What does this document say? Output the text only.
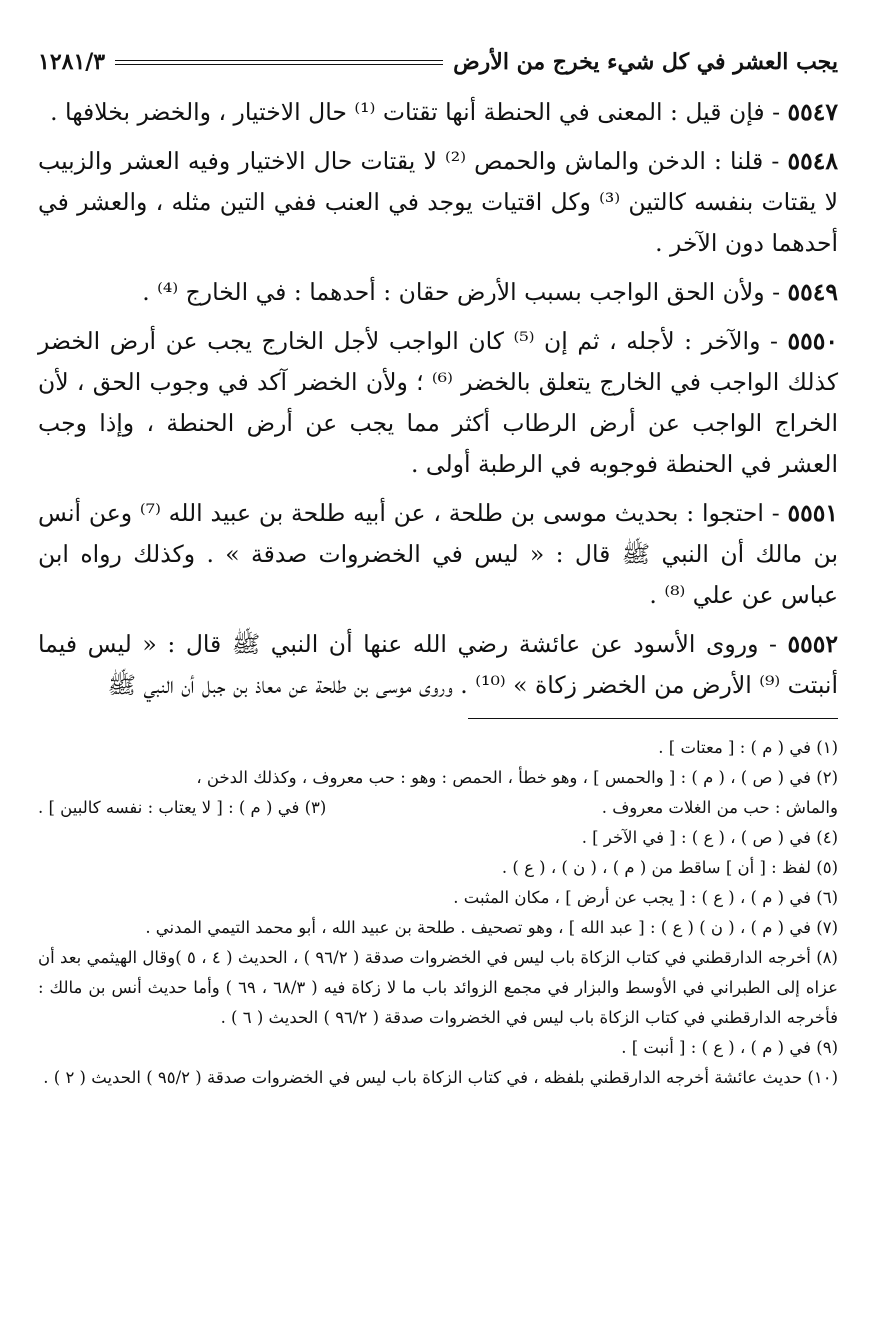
يجب العشر في كل شيء يخرج من الأرض
١٢٨١/٣

٥٥٤٧ - فإن قيل : المعنى في الحنطة أنها تقتات ⁽¹⁾ حال الاختيار ، والخضر بخلافها .

٥٥٤٨ - قلنا : الدخن والماش والحمص ⁽²⁾ لا يقتات حال الاختيار وفيه العشر والزبيب لا يقتات بنفسه كالتين ⁽³⁾ وكل اقتيات يوجد في العنب ففي التين مثله ، والعشر في أحدهما دون الآخر .

٥٥٤٩ - ولأن الحق الواجب بسبب الأرض حقان : أحدهما : في الخارج ⁽⁴⁾ .

٥٥٥٠ - والآخر : لأجله ، ثم إن ⁽⁵⁾ كان الواجب لأجل الخارج يجب عن أرض الخضر كذلك الواجب في الخارج يتعلق بالخضر ⁽⁶⁾ ؛ ولأن الخضر آكد في وجوب الحق ، لأن الخراج الواجب عن أرض الرطاب أكثر مما يجب عن أرض الحنطة ، وإذا وجب العشر في الحنطة فوجوبه في الرطبة أولى .

٥٥٥١ - احتجوا : بحديث موسى بن طلحة ، عن أبيه طلحة بن عبيد الله ⁽⁷⁾ وعن أنس بن مالك أن النبي ﷺ قال : « ليس في الخضروات صدقة » . وكذلك رواه ابن عباس عن علي ⁽⁸⁾ .

٥٥٥٢ - وروى الأسود عن عائشة رضي الله عنها أن النبي ﷺ قال : « ليس فيما أنبتت ⁽⁹⁾ الأرض من الخضر زكاة » ⁽¹⁰⁾ . وروى موسى بن طلحة عن معاذ بن جبل أن النبي ﷺ

(١) في ( م ) : [ معتات ] .

(٢) في ( ص ) ، ( م ) : [ والحمس ] ، وهو خطأ ، الحمص : وهو : حب معروف ، وكذلك الدخن ،

والماش : حب من الغلات معروف .

(٣) في ( م ) : [ لا يعتاب : نفسه كالبين ] .

(٤) في ( ص ) ، ( ع ) : [ في الآخر ] .

(٥) لفظ : [ أن ] ساقط من ( م ) ، ( ن ) ، ( ع ) .

(٦) في ( م ) ، ( ع ) : [ يجب عن أرض ] ، مكان المثبت .

(٧) في ( م ) ، ( ن ) ( ع ) : [ عبد الله ] ، وهو تصحيف . طلحة بن عبيد الله ، أبو محمد التيمي المدني .

(٨) أخرجه الدارقطني في كتاب الزكاة باب ليس في الخضروات صدقة ( ٩٦/٢ ) ، الحديث ( ٤ ، ٥ )وقال الهيثمي بعد أن عزاه إلى الطبراني في الأوسط والبزار في مجمع الزوائد باب ما لا زكاة فيه ( ٦٨/٣ ، ٦٩ ) وأما حديث أنس بن مالك : فأخرجه الدارقطني في كتاب الزكاة باب ليس في الخضروات صدقة ( ٩٦/٢ ) الحديث ( ٦ ) .

(٩) في ( م ) ، ( ع ) : [ أنبت ] .

(١٠) حديث عائشة أخرجه الدارقطني بلفظه ، في كتاب الزكاة باب ليس في الخضروات صدقة ( ٩٥/٢ ) الحديث ( ٢ ) .
